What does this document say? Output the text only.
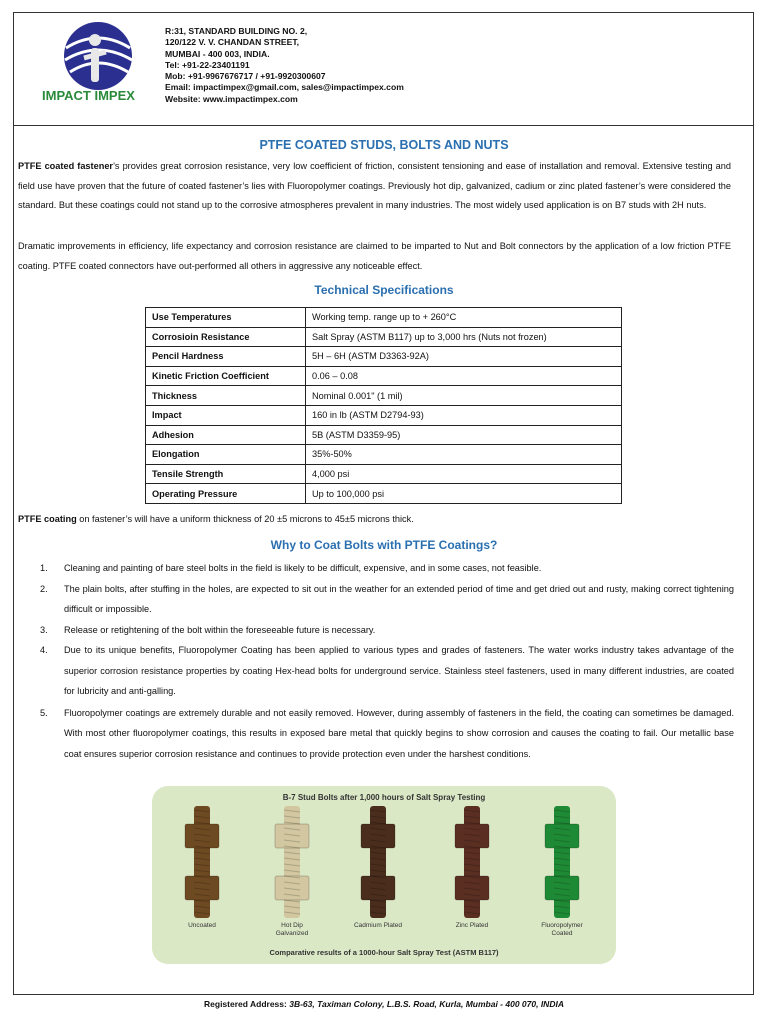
IMPACT IMPEX
R:31, STANDARD BUILDING NO. 2,
120/122 V. V. CHANDAN STREET,
MUMBAI - 400 003, INDIA.
Tel: +91-22-23401191
Mob: +91-9967676717 / +91-9920300607
Email: impactimpex@gmail.com, sales@impactimpex.com
Website: www.impactimpex.com
PTFE COATED STUDS, BOLTS AND NUTS
PTFE coated fastener’s provides great corrosion resistance, very low coefficient of friction, consistent tensioning and ease of installation and removal. Extensive testing and field use have proven that the future of coated fastener’s lies with Fluoropolymer coatings. Previously hot dip, galvanized, cadium or zinc plated fastener’s were considered the standard. But these coatings could not stand up to the corrosive atmospheres prevalent in many industries. The most widely used application is on B7 studs with 2H nuts.
Dramatic improvements in efficiency, life expectancy and corrosion resistance are claimed to be imparted to Nut and Bolt connectors by the application of a low friction PTFE coating. PTFE coated connectors have out-performed all others in aggressive any noticeable effect.
Technical Specifications
Use Temperatures	Working temp. range up to + 260°C
Corrosioin Resistance	Salt Spray (ASTM B117) up to 3,000 hrs (Nuts not frozen)
Pencil Hardness	5H – 6H (ASTM D3363-92A)
Kinetic Friction Coefficient	0.06 – 0.08
Thickness	Nominal 0.001" (1 mil)
Impact	160 in lb (ASTM D2794-93)
Adhesion	5B (ASTM D3359-95)
Elongation	35%-50%
Tensile Strength	4,000 psi
Operating Pressure	Up to 100,000 psi
PTFE coating on fastener’s will have a uniform thickness of 20 ±5 microns to 45±5 microns thick.
Why to Coat Bolts with PTFE Coatings?
1. Cleaning and painting of bare steel bolts in the field is likely to be difficult, expensive, and in some cases, not feasible.
2. The plain bolts, after stuffing in the holes, are expected to sit out in the weather for an extended period of time and get dried out and rusty, making correct tightening difficult or impossible.
3. Release or retightening of the bolt within the foreseeable future is necessary.
4. Due to its unique benefits, Fluoropolymer Coating has been applied to various types and grades of fasteners. The water works industry takes advantage of the superior corrosion resistance properties by coating Hex-head bolts for underground service. Stainless steel fasteners, used in many different industries, are coated for lubricity and anti-galling.
5. Fluoropolymer coatings are extremely durable and not easily removed. However, during assembly of fasteners in the field, the coating can sometimes be damaged. With most other fluoropolymer coatings, this results in exposed bare metal that quickly begins to show corrosion and causes the coating to fail. Our metallic base coat ensures superior corrosion resistance and continues to provide protection even under the harshest conditions.
B-7 Stud Bolts after 1,000 hours of Salt Spray Testing
Uncoated	Hot Dip
Galvanized
Cadmium Plated	Zinc Plated	Fluoropolymer
Coated
Comparative results of a 1000-hour Salt Spray Test (ASTM B117)
Registered Address: 3B-63, Taximan Colony, L.B.S. Road, Kurla, Mumbai - 400 070, INDIA
